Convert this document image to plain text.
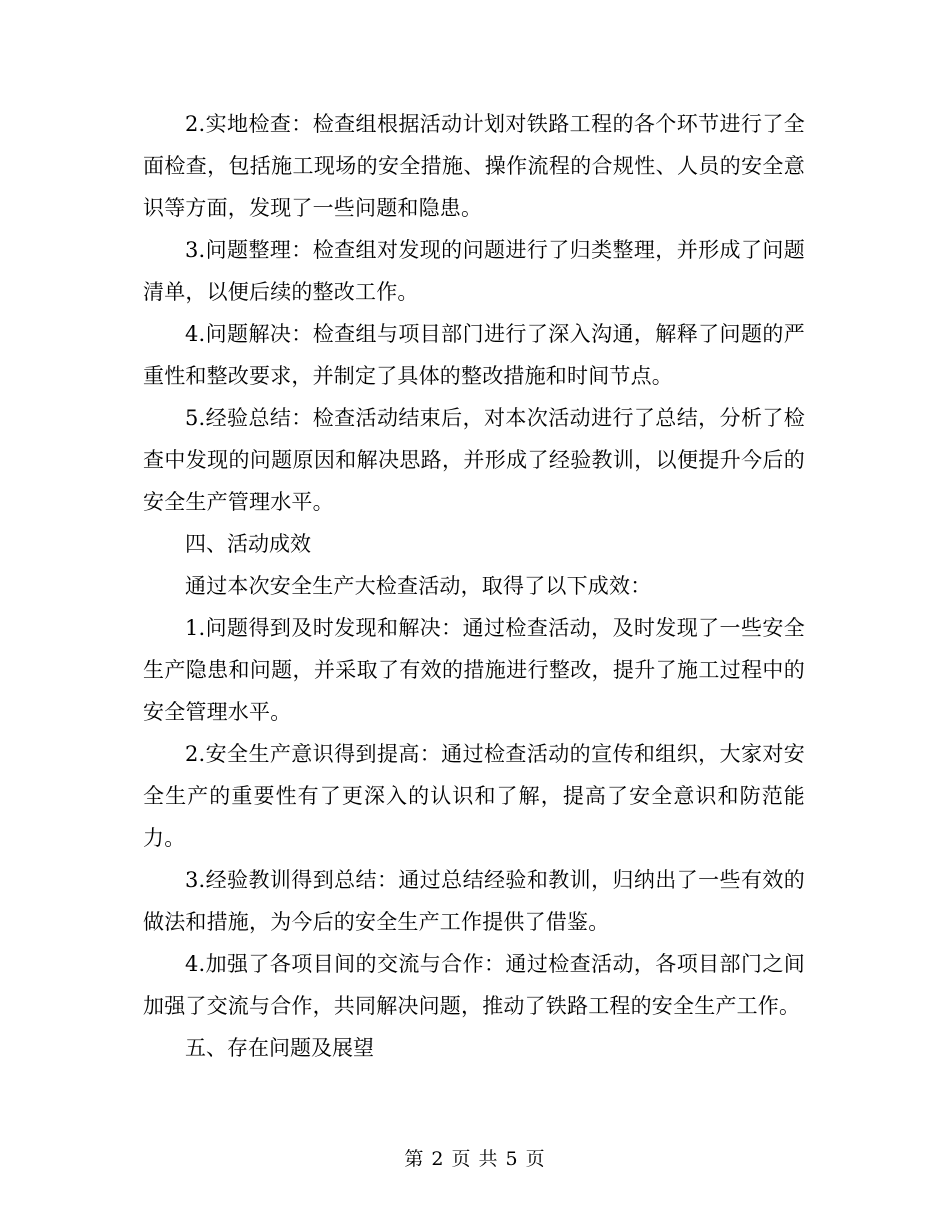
2.实地检查：检查组根据活动计划对铁路工程的各个环节进行了全面检查，包括施工现场的安全措施、操作流程的合规性、人员的安全意识等方面，发现了一些问题和隐患。

3.问题整理：检查组对发现的问题进行了归类整理，并形成了问题清单，以便后续的整改工作。

4.问题解决：检查组与项目部门进行了深入沟通，解释了问题的严重性和整改要求，并制定了具体的整改措施和时间节点。

5.经验总结：检查活动结束后，对本次活动进行了总结，分析了检查中发现的问题原因和解决思路，并形成了经验教训，以便提升今后的安全生产管理水平。

四、活动成效

通过本次安全生产大检查活动，取得了以下成效：

1.问题得到及时发现和解决：通过检查活动，及时发现了一些安全生产隐患和问题，并采取了有效的措施进行整改，提升了施工过程中的安全管理水平。

2.安全生产意识得到提高：通过检查活动的宣传和组织，大家对安全生产的重要性有了更深入的认识和了解，提高了安全意识和防范能力。

3.经验教训得到总结：通过总结经验和教训，归纳出了一些有效的做法和措施，为今后的安全生产工作提供了借鉴。

4.加强了各项目间的交流与合作：通过检查活动，各项目部门之间加强了交流与合作，共同解决问题，推动了铁路工程的安全生产工作。

五、存在问题及展望

第 2 页 共 5 页
